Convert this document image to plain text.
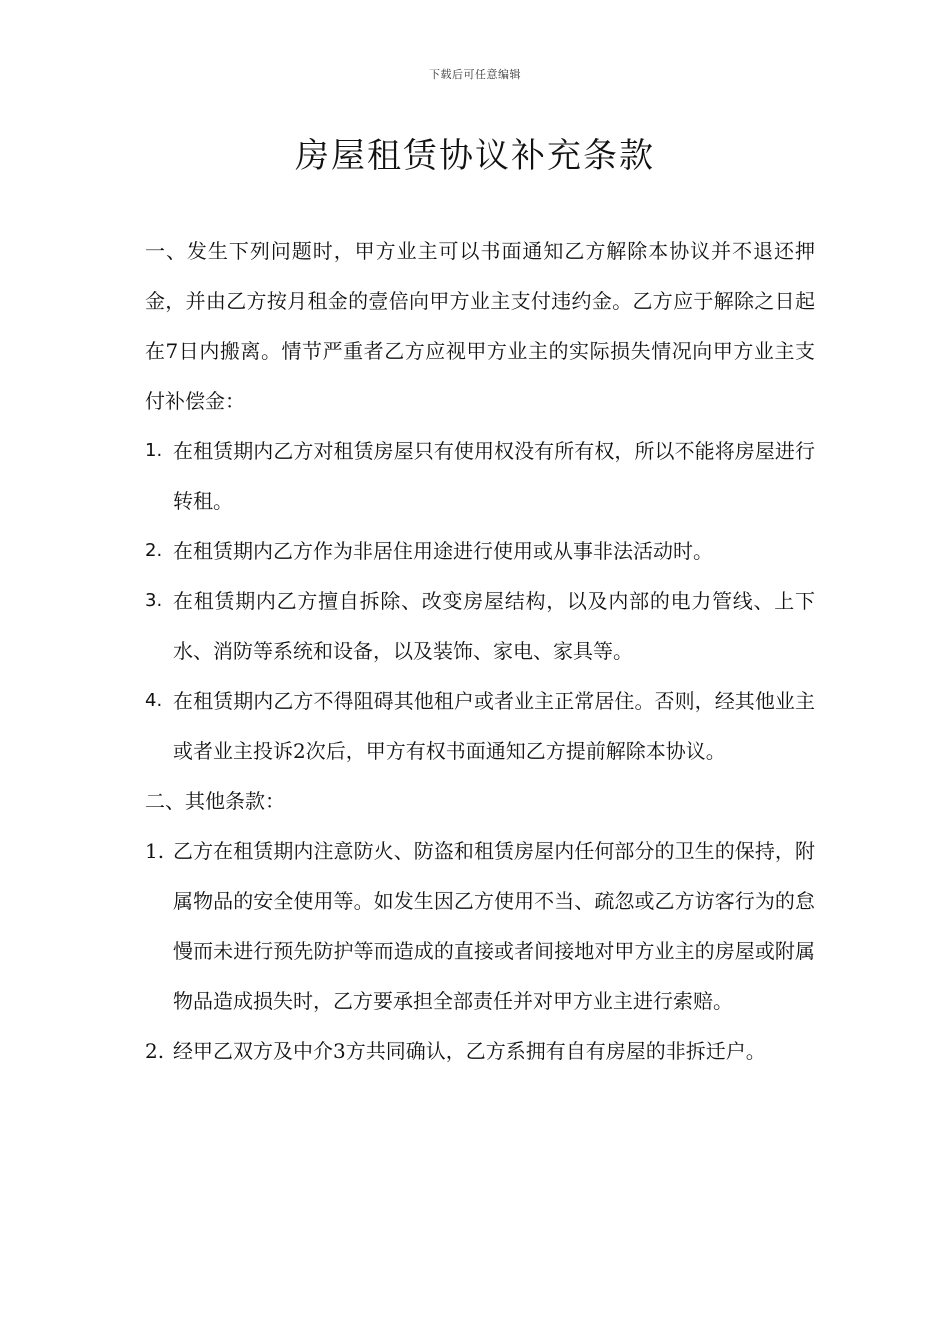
下载后可任意编辑
房屋租赁协议补充条款

一、发生下列问题时，甲方业主可以书面通知乙方解除本协议并不退还押金，并由乙方按月租金的壹倍向甲方业主支付违约金。乙方应于解除之日起在7日内搬离。情节严重者乙方应视甲方业主的实际损失情况向甲方业主支付补偿金：

1. 在租赁期内乙方对租赁房屋只有使用权没有所有权，所以不能将房屋进行转租。
2. 在租赁期内乙方作为非居住用途进行使用或从事非法活动时。
3. 在租赁期内乙方擅自拆除、改变房屋结构，以及内部的电力管线、上下水、消防等系统和设备，以及装饰、家电、家具等。
4. 在租赁期内乙方不得阻碍其他租户或者业主正常居住。否则，经其他业主或者业主投诉2次后，甲方有权书面通知乙方提前解除本协议。

二、其他条款：

1. 乙方在租赁期内注意防火、防盗和租赁房屋内任何部分的卫生的保持，附属物品的安全使用等。如发生因乙方使用不当、疏忽或乙方访客行为的怠慢而未进行预先防护等而造成的直接或者间接地对甲方业主的房屋或附属物品造成损失时，乙方要承担全部责任并对甲方业主进行索赔。
2. 经甲乙双方及中介3方共同确认，乙方系拥有自有房屋的非拆迁户。
